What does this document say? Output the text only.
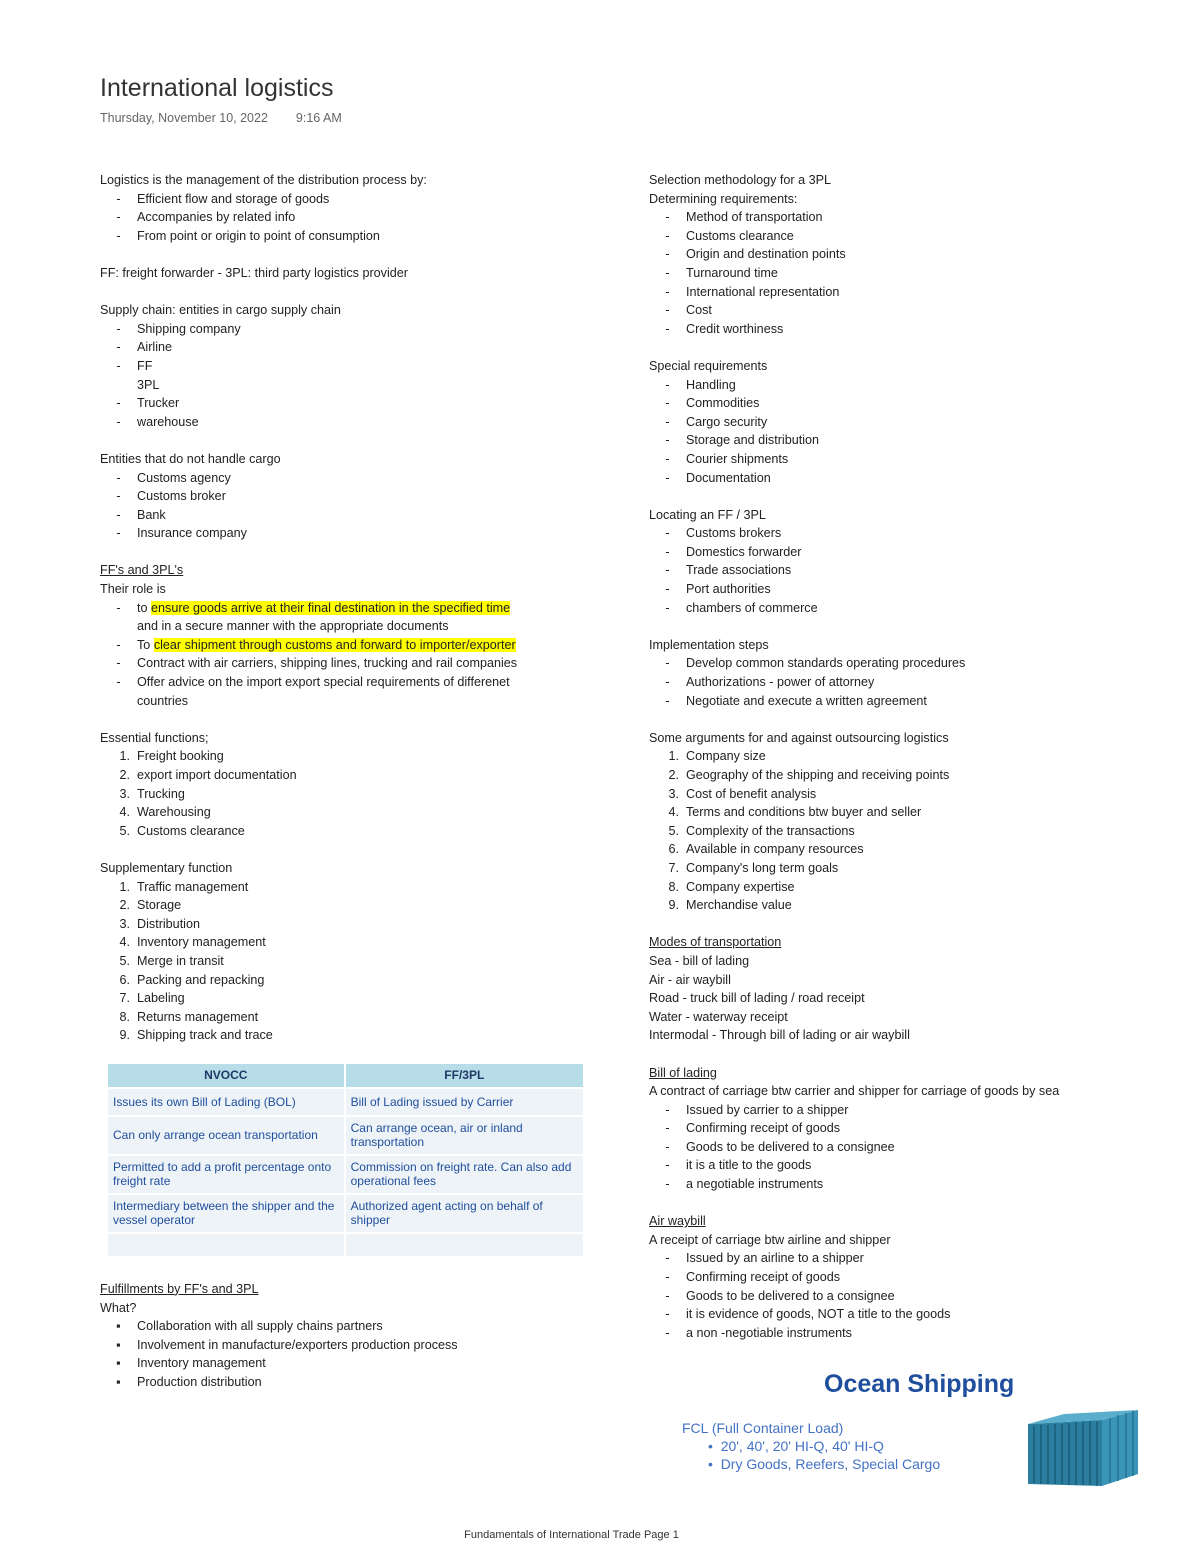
International logistics
Thursday, November 10, 2022 9:16 AM
Logistics is the management of the distribution process by:
-	Efficient flow and storage of goods
-	Accompanies by related info
-	From point or origin to point of consumption
FF: freight forwarder - 3PL: third party logistics provider
Supply chain: entities in cargo supply chain
-	Shipping company
-	Airline
-	FF
3PL
-	Trucker
-	warehouse
Entities that do not handle cargo
-	Customs agency
-	Customs broker
-	Bank
-	Insurance company
FF's and 3PL's
Their role is
-	to ensure goods arrive at their final destination in the specified time and in a secure manner with the appropriate documents
-	To clear shipment through customs and forward to importer/exporter
-	Contract with air carriers, shipping lines, trucking and rail companies
-	Offer advice on the import export special requirements of differenet countries
Essential functions;
1. Freight booking
2. export import documentation
3. Trucking
4. Warehousing
5. Customs clearance
Supplementary function
1. Traffic management
2. Storage
3. Distribution
4. Inventory management
5. Merge in transit
6. Packing and repacking
7. Labeling
8. Returns management
9. Shipping track and trace
NVOCC	FF/3PL
Issues its own Bill of Lading (BOL)	Bill of Lading issued by Carrier
Can only arrange ocean transportation	Can arrange ocean, air or inland transportation
Permitted to add a profit percentage onto freight rate	Commission on freight rate. Can also add operational fees
Intermediary between the shipper and the vessel operator	Authorized agent acting on behalf of shipper

Fulfillments by FF's and 3PL
What?
▪	Collaboration with all supply chains partners
▪	Involvement in manufacture/exporters production process
▪	Inventory management
▪	Production distribution
Selection methodology for a 3PL
Determining requirements:
-	Method of transportation
-	Customs clearance
-	Origin and destination points
-	Turnaround time
-	International representation
-	Cost
-	Credit worthiness
Special requirements
-	Handling
-	Commodities
-	Cargo security
-	Storage and distribution
-	Courier shipments
-	Documentation
Locating an FF / 3PL
-	Customs brokers
-	Domestics forwarder
-	Trade associations
-	Port authorities
-	chambers of commerce
Implementation steps
-	Develop common standards operating procedures
-	Authorizations - power of attorney
-	Negotiate and execute a written agreement
Some arguments for and against outsourcing logistics
1. Company size
2. Geography of the shipping and receiving points
3. Cost of benefit analysis
4. Terms and conditions btw buyer and seller
5. Complexity of the transactions
6. Available in company resources
7. Company's long term goals
8. Company expertise
9. Merchandise value
Modes of transportation
Sea - bill of lading
Air - air waybill
Road - truck bill of lading / road receipt
Water - waterway receipt
Intermodal - Through bill of lading or air waybill
Bill of lading
A contract of carriage btw carrier and shipper for carriage of goods by sea
-	Issued by carrier to a shipper
-	Confirming receipt of goods
-	Goods to be delivered to a consignee
-	it is a title to the goods
-	a negotiable instruments
Air waybill
A receipt of carriage btw airline and shipper
-	Issued by an airline to a shipper
-	Confirming receipt of goods
-	Goods to be delivered to a consignee
-	it is evidence of goods, NOT a title to the goods
-	a non -negotiable instruments
Ocean Shipping
FCL (Full Container Load)
• 20', 40', 20' HI-Q, 40' HI-Q
• Dry Goods, Reefers, Special Cargo
Fundamentals of International Trade Page 1
